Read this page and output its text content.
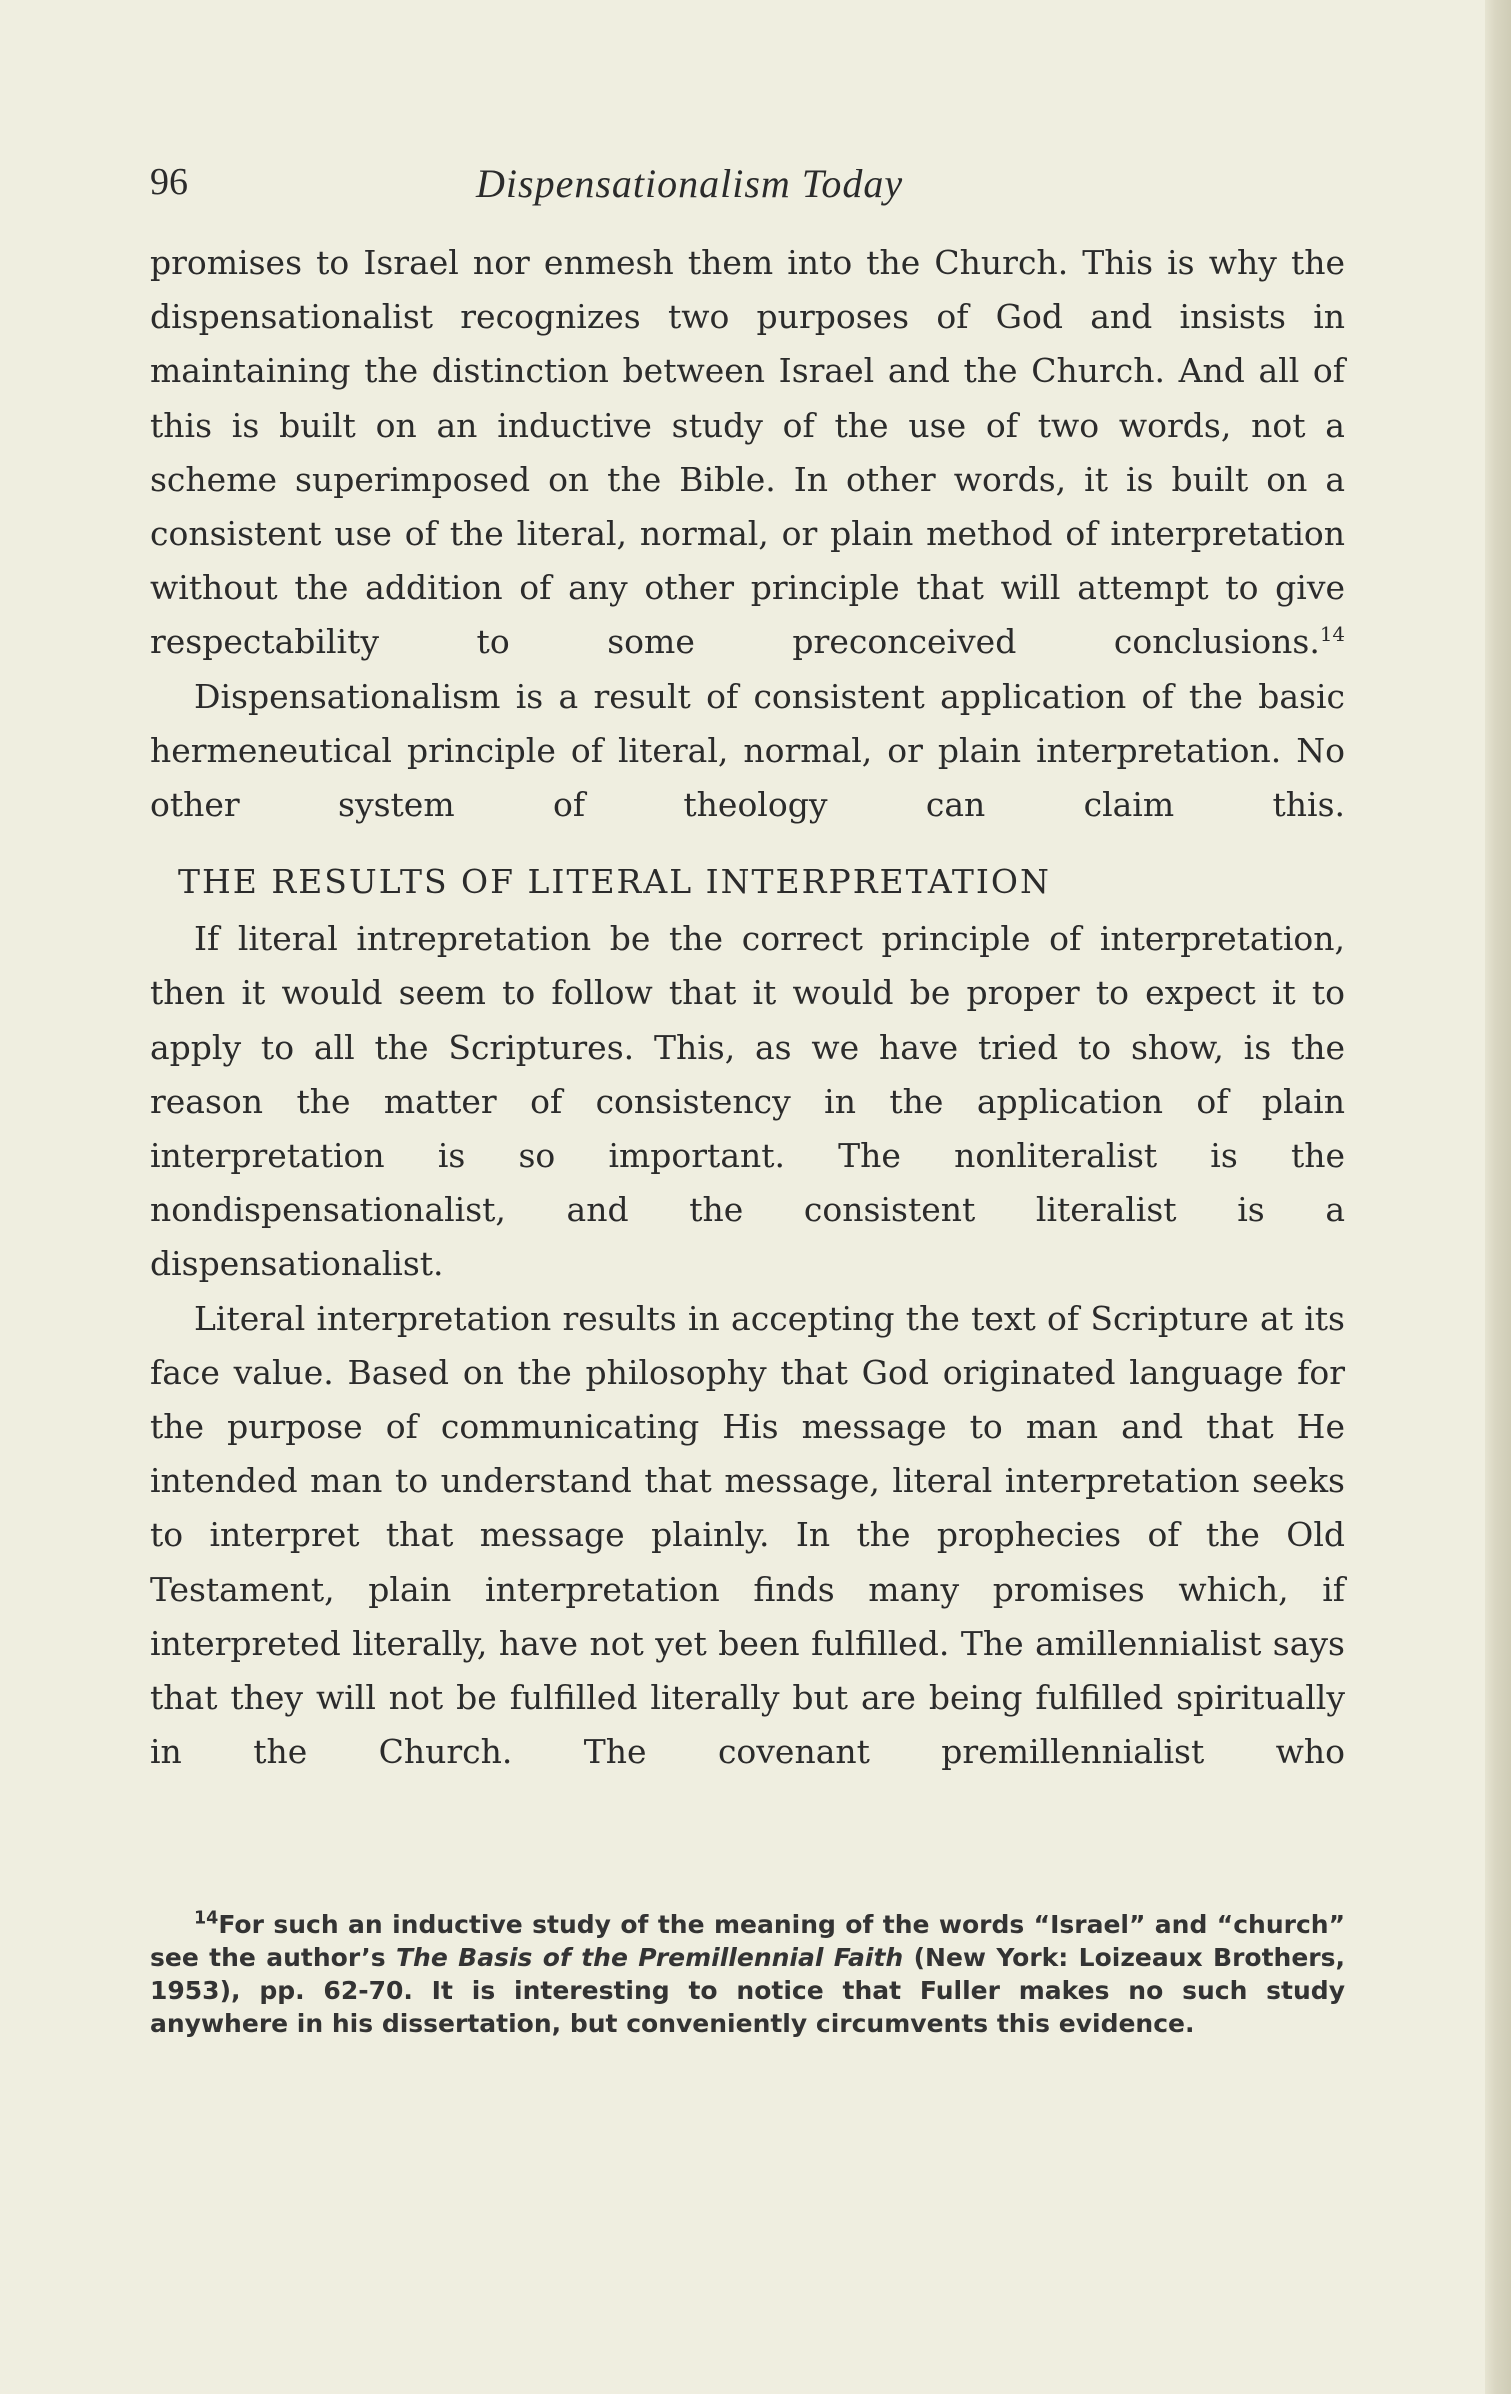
96	Dispensationalism Today

promises to Israel nor enmesh them into the Church. This is why the dispensationalist recognizes two purposes of God and insists in maintaining the distinction between Israel and the Church. And all of this is built on an inductive study of the use of two words, not a scheme superimposed on the Bible. In other words, it is built on a consistent use of the literal, normal, or plain method of interpretation without the addition of any other principle that will attempt to give respectability to some preconceived conclusions.$^{14}$

Dispensationalism is a result of consistent application of the basic hermeneutical principle of literal, normal, or plain interpretation. No other system of theology can claim this.

THE RESULTS OF LITERAL INTERPRETATION

If literal intrepretation be the correct principle of interpretation, then it would seem to follow that it would be proper to expect it to apply to all the Scriptures. This, as we have tried to show, is the reason the matter of consistency in the application of plain interpretation is so important. The nonliteralist is the nondispensationalist, and the consistent literalist is a dispensationalist.

Literal interpretation results in accepting the text of Scripture at its face value. Based on the philosophy that God originated language for the purpose of communicating His message to man and that He intended man to understand that message, literal interpretation seeks to interpret that message plainly. In the prophecies of the Old Testament, plain interpretation finds many promises which, if interpreted literally, have not yet been fulfilled. The amillennialist says that they will not be fulfilled literally but are being fulfilled spiritually in the Church. The covenant premillennialist who

$^{14}$For such an inductive study of the meaning of the words “Israel” and “church” see the author’s The Basis of the Premillennial Faith (New York: Loizeaux Brothers, 1953), pp. 62-70. It is interesting to notice that Fuller makes no such study anywhere in his dissertation, but conveniently circumvents this evidence.
